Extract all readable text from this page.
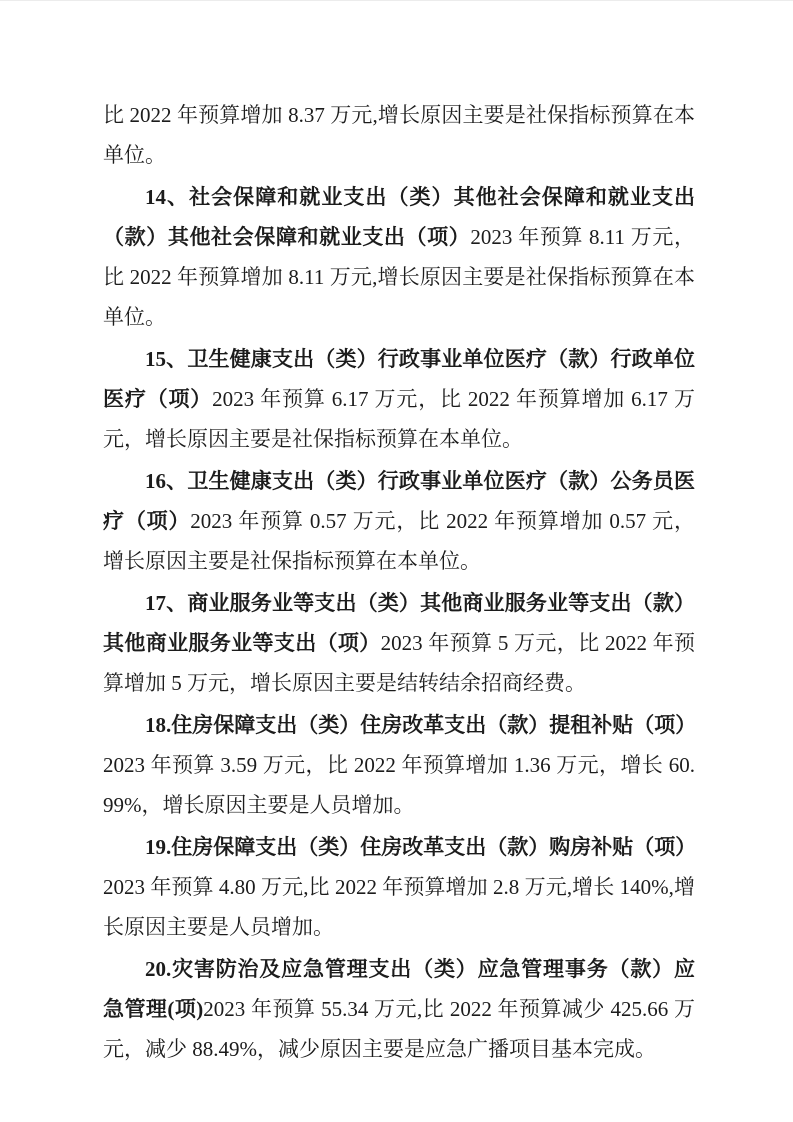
比 2022 年预算增加 8.37 万元,增长原因主要是社保指标预算在本单位。

14、社会保障和就业支出（类）其他社会保障和就业支出（款）其他社会保障和就业支出（项）2023 年预算 8.11 万元，比 2022 年预算增加 8.11 万元,增长原因主要是社保指标预算在本单位。

15、卫生健康支出（类）行政事业单位医疗（款）行政单位医疗（项）2023 年预算 6.17 万元，比 2022 年预算增加 6.17 万元，增长原因主要是社保指标预算在本单位。

16、卫生健康支出（类）行政事业单位医疗（款）公务员医疗（项）2023 年预算 0.57 万元，比 2022 年预算增加 0.57 元，增长原因主要是社保指标预算在本单位。

17、商业服务业等支出（类）其他商业服务业等支出（款）其他商业服务业等支出（项）2023 年预算 5 万元，比 2022 年预算增加 5 万元，增长原因主要是结转结余招商经费。

18.住房保障支出（类）住房改革支出（款）提租补贴（项）2023 年预算 3.59 万元，比 2022 年预算增加 1.36 万元，增长 60.99%，增长原因主要是人员增加。

19.住房保障支出（类）住房改革支出（款）购房补贴（项）2023 年预算 4.80 万元,比 2022 年预算增加 2.8 万元,增长 140%,增长原因主要是人员增加。

20.灾害防治及应急管理支出（类）应急管理事务（款）应急管理(项)2023 年预算 55.34 万元,比 2022 年预算减少 425.66 万元，减少 88.49%，减少原因主要是应急广播项目基本完成。
